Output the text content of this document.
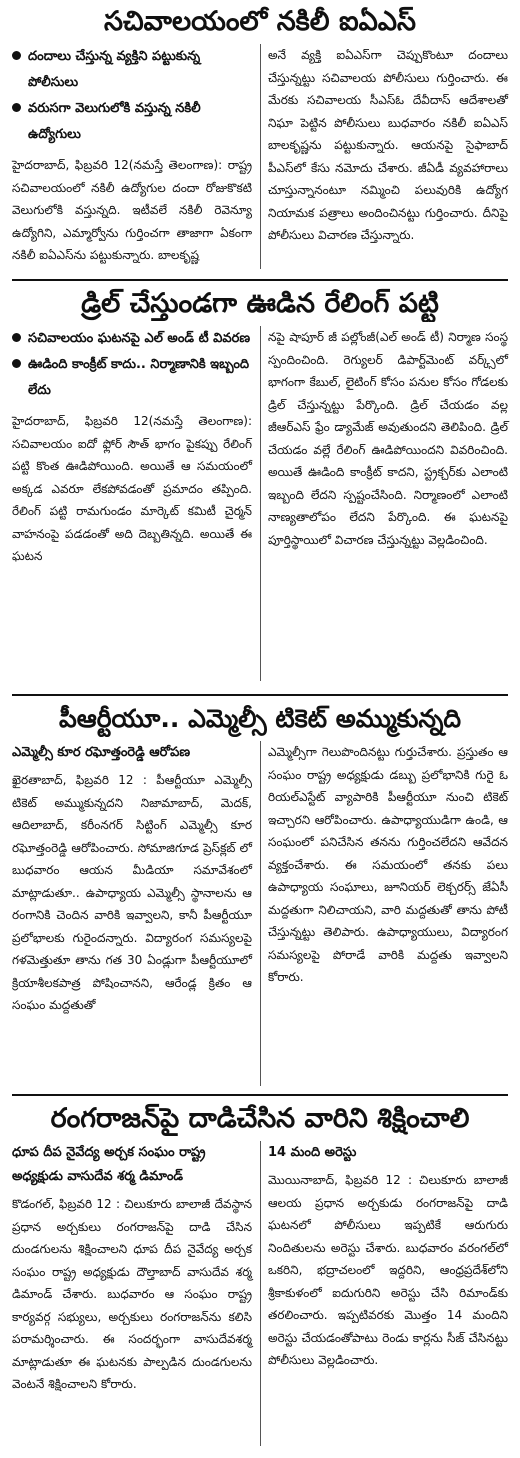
సచివాలయంలో నకిలీ ఐఏఎస్
దందాలు చేస్తున్న వ్యక్తిని పట్టుకున్న పోలీసులు
వరుసగా వెలుగులోకి వస్తున్న నకిలీ ఉద్యోగులు

హైదరాబాద్, ఫిబ్రవరి 12(నమస్తే తెలంగాణ): రాష్ట్ర సచివాలయంలో నకిలీ ఉద్యోగుల దందా రోజుకొకటి వెలుగులోకి వస్తున్నది. ఇటీవలే నకిలీ రెవెన్యూ ఉద్యోగిని, ఎమ్మార్వోను గుర్తించగా తాజాగా ఏకంగా నకిలీ ఐఏఎస్‌ను పట్టుకున్నారు. బాలకృష్ణ

అనే వ్యక్తి ఐఏఎస్‌గా చెప్పుకొంటూ దందాలు చేస్తున్నట్టు సచివాలయ పోలీసులు గుర్తించారు. ఈ మేరకు సచివాలయ సీఎస్‌ఓ దేవీదాస్ ఆదేశాలతో నిఘా పెట్టిన పోలీసులు బుధవారం నకిలీ ఐఏఎస్ బాలకృష్ణను పట్టుకున్నారు. ఆయనపై సైఫాబాద్ పీఎస్‌లో కేసు నమోదు చేశారు. జీఏడీ వ్యవహారాలు చూస్తున్నానంటూ నమ్మించి పలువురికి ఉద్యోగ నియామక పత్రాలు అందించినట్టు గుర్తించారు. దీనిపై పోలీసులు విచారణ చేస్తున్నారు.

డ్రిల్ చేస్తుండగా ఊడిన రేలింగ్ పట్టి
సచివాలయం ఘటనపై ఎల్ అండ్ టీ వివరణ
ఊడింది కాంక్రీట్ కాదు.. నిర్మాణానికి ఇబ్బంది లేదు

హైదరాబాద్, ఫిబ్రవరి 12(నమస్తే తెలంగాణ): సచివాలయం ఐదో ఫ్లోర్ సౌత్ భాగం పైకప్పు రేలింగ్ పట్టి కొంత ఊడిపోయింది. అయితే ఆ సమయంలో అక్కడ ఎవరూ లేకపోవడంతో ప్రమాదం తప్పింది. రేలింగ్ పట్టి రామగుండం మార్కెట్ కమిటీ చైర్మన్ వాహనంపై పడడంతో అది దెబ్బతిన్నది. అయితే ఈ ఘటన

నపై షాపూర్ జీ పల్లోంజీ(ఎల్ అండ్ టీ) నిర్మాణ సంస్థ స్పందించింది. రెగ్యులర్ డిపార్ట్‌మెంట్ వర్క్స్‌లో భాగంగా కేబుల్, లైటింగ్ కోసం పనుల కోసం గోడలకు డ్రిల్ చేస్తున్నట్టు పేర్కొంది. డ్రిల్ చేయడం వల్ల జీఆర్ఎస్ ఫ్రేం డ్యామేజ్ అవుతుందని తెలిపింది. డ్రిల్ చేయడం వల్లే రేలింగ్ ఊడిపోయిందని వివరించింది. అయితే ఊడింది కాంక్రీట్ కాదని, స్ట్రక్చర్‌కు ఎలాంటి ఇబ్బంది లేదని స్పష్టంచేసింది. నిర్మాణంలో ఎలాంటి నాణ్యతాలోపం లేదని పేర్కొంది. ఈ ఘటనపై పూర్తిస్థాయిలో విచారణ చేస్తున్నట్టు వెల్లడించింది.

పీఆర్టీయూ.. ఎమ్మెల్సీ టికెట్ అమ్ముకున్నది

ఎమ్మెల్సీ కూర రఘోత్తంరెడ్డి ఆరోపణ

ఖైరతాబాద్, ఫిబ్రవరి 12 : పీఆర్టీయూ ఎమ్మెల్సీ టికెట్ అమ్ముకున్నదని నిజామాబాద్, మెదక్, ఆదిలాబాద్, కరీంనగర్ సిట్టింగ్ ఎమ్మెల్సీ కూర రఘోత్తంరెడ్డి ఆరోపించారు. సోమాజిగూడ ప్రెస్‌క్లబ్ లో బుధవారం ఆయన మీడియా సమావేశంలో మాట్లాడుతూ.. ఉపాధ్యాయ ఎమ్మెల్సీ స్థానాలను ఆ రంగానికి చెందిన వారికి ఇవ్వాలని, కానీ పీఆర్టీయూ ప్రలోభాలకు గురైందన్నారు. విద్యారంగ సమస్యలపై గళమెత్తుతూ తాను గత 30 ఏండ్లుగా పీఆర్టీయూలో క్రియాశీలకపాత్ర పోషించానని, ఆరేండ్ల క్రితం ఆ సంఘం మద్దతుతో

ఎమ్మెల్సీగా గెలుపొందినట్టు గుర్తుచేశారు. ప్రస్తుతం ఆ సంఘం రాష్ట్ర అధ్యక్షుడు డబ్బు ప్రలోభానికి గురై ఓ రియల్‌ఎస్టేట్ వ్యాపారికి పీఆర్టీయూ నుంచి టికెట్ ఇచ్చారని ఆరోపించారు. ఉపాధ్యాయుడిగా ఉండి, ఆ సంఘంలో పనిచేసిన తనను గుర్తించలేదని ఆవేదన వ్యక్తంచేశారు. ఈ సమయంలో తనకు పలు ఉపాధ్యాయ సంఘాలు, జూనియర్ లెక్చరర్స్ జేఏసీ మద్దతుగా నిలిచాయని, వారి మద్దతుతో తాను పోటీ చేస్తున్నట్టు తెలిపారు. ఉపాధ్యాయులు, విద్యారంగ సమస్యలపై పోరాడే వారికి మద్దతు ఇవ్వాలని కోరారు.

రంగరాజన్‌పై దాడిచేసిన వారిని శిక్షించాలి

ధూప దీప నైవేద్య అర్చక సంఘం రాష్ట్ర అధ్యక్షుడు వాసుదేవ శర్మ డిమాండ్

కొడంగల్, ఫిబ్రవరి 12 : చిలుకూరు బాలాజీ దేవస్థాన ప్రధాన అర్చకులు రంగరాజన్‌పై దాడి చేసిన దుండగులను శిక్షించాలని ధూప దీప నైవేద్య అర్చక సంఘం రాష్ట్ర అధ్యక్షుడు దౌల్తాబాద్ వాసుదేవ శర్మ డిమాండ్ చేశారు. బుధవారం ఆ సంఘం రాష్ట్ర కార్యవర్గ సభ్యులు, అర్చకులు రంగరాజన్‌ను కలిసి పరామర్శించారు. ఈ సందర్భంగా వాసుదేవశర్మ మాట్లాడుతూ ఈ ఘటనకు పాల్పడిన దుండగులను వెంటనే శిక్షించాలని కోరారు.

14 మంది అరెస్టు

మొయినాబాద్, ఫిబ్రవరి 12 : చిలుకూరు బాలాజీ ఆలయ ప్రధాన అర్చకుడు రంగరాజన్‌పై దాడి ఘటనలో పోలీసులు ఇప్పటికే ఆరుగురు నిందితులను అరెస్టు చేశారు. బుధవారం వరంగల్‌లో ఒకరిని, భద్రాచలంలో ఇద్దరిని, ఆంధ్రప్రదేశ్‌లోని శ్రీకాకుళంలో ఐదుగురిని అరెస్టు చేసి రిమాండ్‌కు తరలించారు. ఇప్పటివరకు మొత్తం 14 మందిని అరెస్టు చేయడంతోపాటు రెండు కార్లను సీజ్ చేసినట్టు పోలీసులు వెల్లడించారు.
